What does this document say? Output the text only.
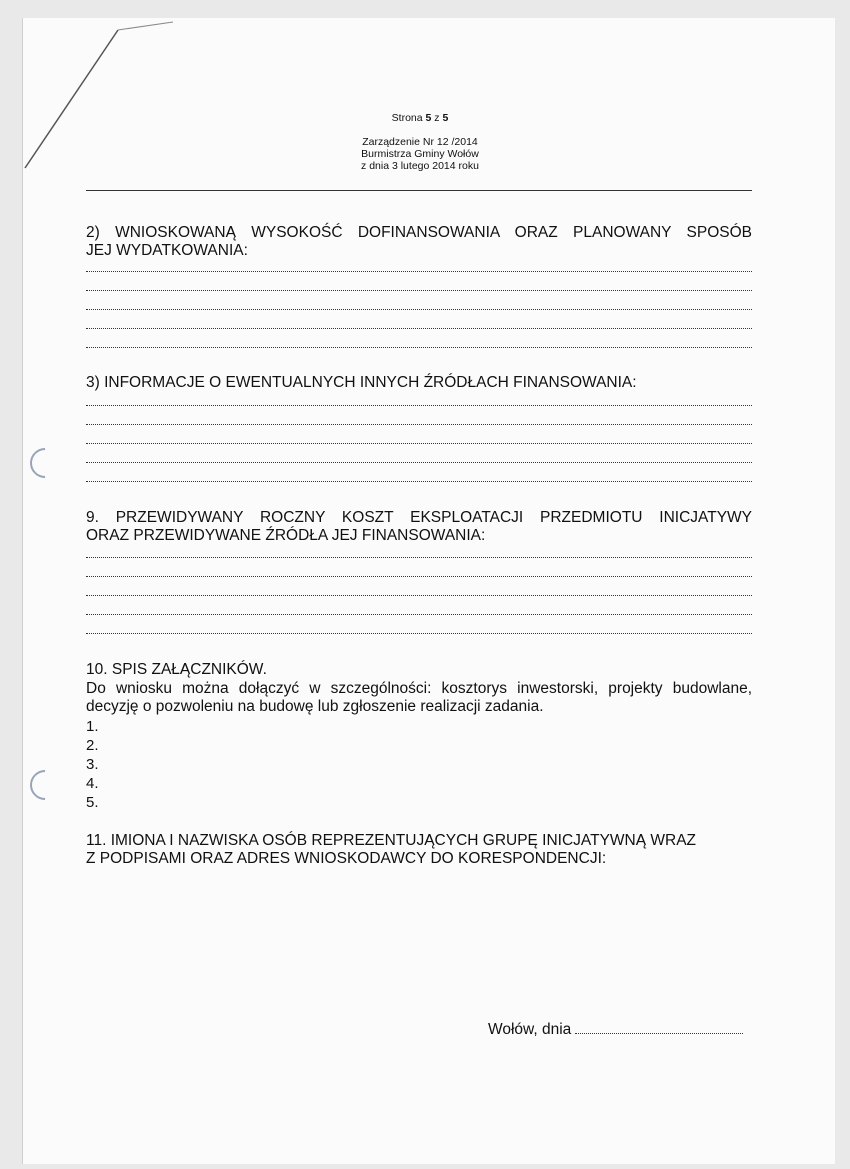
Strona 5 z 5
Zarządzenie Nr 12 /2014
Burmistrza Gminy Wołów
z dnia 3 lutego 2014 roku
2) WNIOSKOWANĄ WYSOKOŚĆ DOFINANSOWANIA ORAZ PLANOWANY SPOSÓB
JEJ WYDATKOWANIA:
3) INFORMACJE O EWENTUALNYCH INNYCH ŹRÓDŁACH FINANSOWANIA:
9. PRZEWIDYWANY ROCZNY KOSZT EKSPLOATACJI PRZEDMIOTU INICJATYWY
ORAZ PRZEWIDYWANE ŹRÓDŁA JEJ FINANSOWANIA:
10. SPIS ZAŁĄCZNIKÓW.
Do wniosku można dołączyć w szczególności: kosztorys inwestorski, projekty budowlane,
decyzję o pozwoleniu na budowę lub zgłoszenie realizacji zadania.
1.
2.
3.
4.
5.
11. IMIONA I NAZWISKA OSÓB REPREZENTUJĄCYCH GRUPĘ INICJATYWNĄ WRAZ
Z PODPISAMI ORAZ ADRES WNIOSKODAWCY DO KORESPONDENCJI:
Wołów, dnia
